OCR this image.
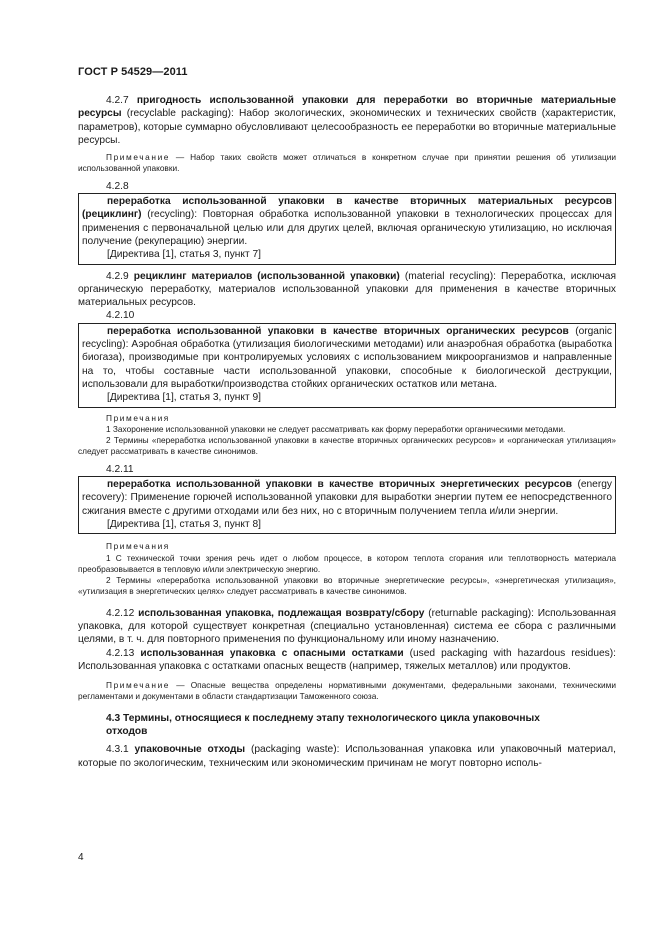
ГОСТ Р 54529—2011

4.2.7 пригодность использованной упаковки для переработки во вторичные материальные ресурсы (recyclable packaging): Набор экологических, экономических и технических свойств (характеристик, параметров), которые суммарно обусловливают целесообразность ее переработки во вторичные материальные ресурсы.

Примечание — Набор таких свойств может отличаться в конкретном случае при принятии решения об утилизации использованной упаковки.

4.2.8

переработка использованной упаковки в качестве вторичных материальных ресурсов (рециклинг) (recycling): Повторная обработка использованной упаковки в технологических процессах для применения с первоначальной целью или для других целей, включая органическую утилизацию, но исключая получение (рекуперацию) энергии.

[Директива [1], статья 3, пункт 7]

4.2.9 рециклинг материалов (использованной упаковки) (material recycling): Переработка, исключая органическую переработку, материалов использованной упаковки для применения в качестве вторичных материальных ресурсов.

4.2.10

переработка использованной упаковки в качестве вторичных органических ресурсов (organic recycling): Аэробная обработка (утилизация биологическими методами) или анаэробная обработка (выработка биогаза), производимые при контролируемых условиях с использованием микроорганизмов и направленные на то, чтобы составные части использованной упаковки, способные к биологической деструкции, использовали для выработки/производства стойких органических остатков или метана.

[Директива [1], статья 3, пункт 9]

Примечания

1 Захоронение использованной упаковки не следует рассматривать как форму переработки органическими методами.

2 Термины «переработка использованной упаковки в качестве вторичных органических ресурсов» и «органическая утилизация» следует рассматривать в качестве синонимов.

4.2.11

переработка использованной упаковки в качестве вторичных энергетических ресурсов (energy recovery): Применение горючей использованной упаковки для выработки энергии путем ее непосредственного сжигания вместе с другими отходами или без них, но с вторичным получением тепла и/или энергии.

[Директива [1], статья 3, пункт 8]

Примечания

1 С технической точки зрения речь идет о любом процессе, в котором теплота сгорания или теплотворность материала преобразовывается в тепловую и/или электрическую энергию.

2 Термины «переработка использованной упаковки во вторичные энергетические ресурсы», «энергетическая утилизация», «утилизация в энергетических целях» следует рассматривать в качестве синонимов.

4.2.12 использованная упаковка, подлежащая возврату/сбору (returnable packaging): Использованная упаковка, для которой существует конкретная (специально установленная) система ее сбора с различными целями, в т. ч. для повторного применения по функциональному или иному назначению.

4.2.13 использованная упаковка с опасными остатками (used packaging with hazardous residues): Использованная упаковка с остатками опасных веществ (например, тяжелых металлов) или продуктов.

Примечание — Опасные вещества определены нормативными документами, федеральными законами, техническими регламентами и документами в области стандартизации Таможенного союза.

4.3 Термины, относящиеся к последнему этапу технологического цикла упаковочных
отходов

4.3.1 упаковочные отходы (packaging waste): Использованная упаковка или упаковочный материал, которые по экологическим, техническим или экономическим причинам не могут повторно исполь-

4
